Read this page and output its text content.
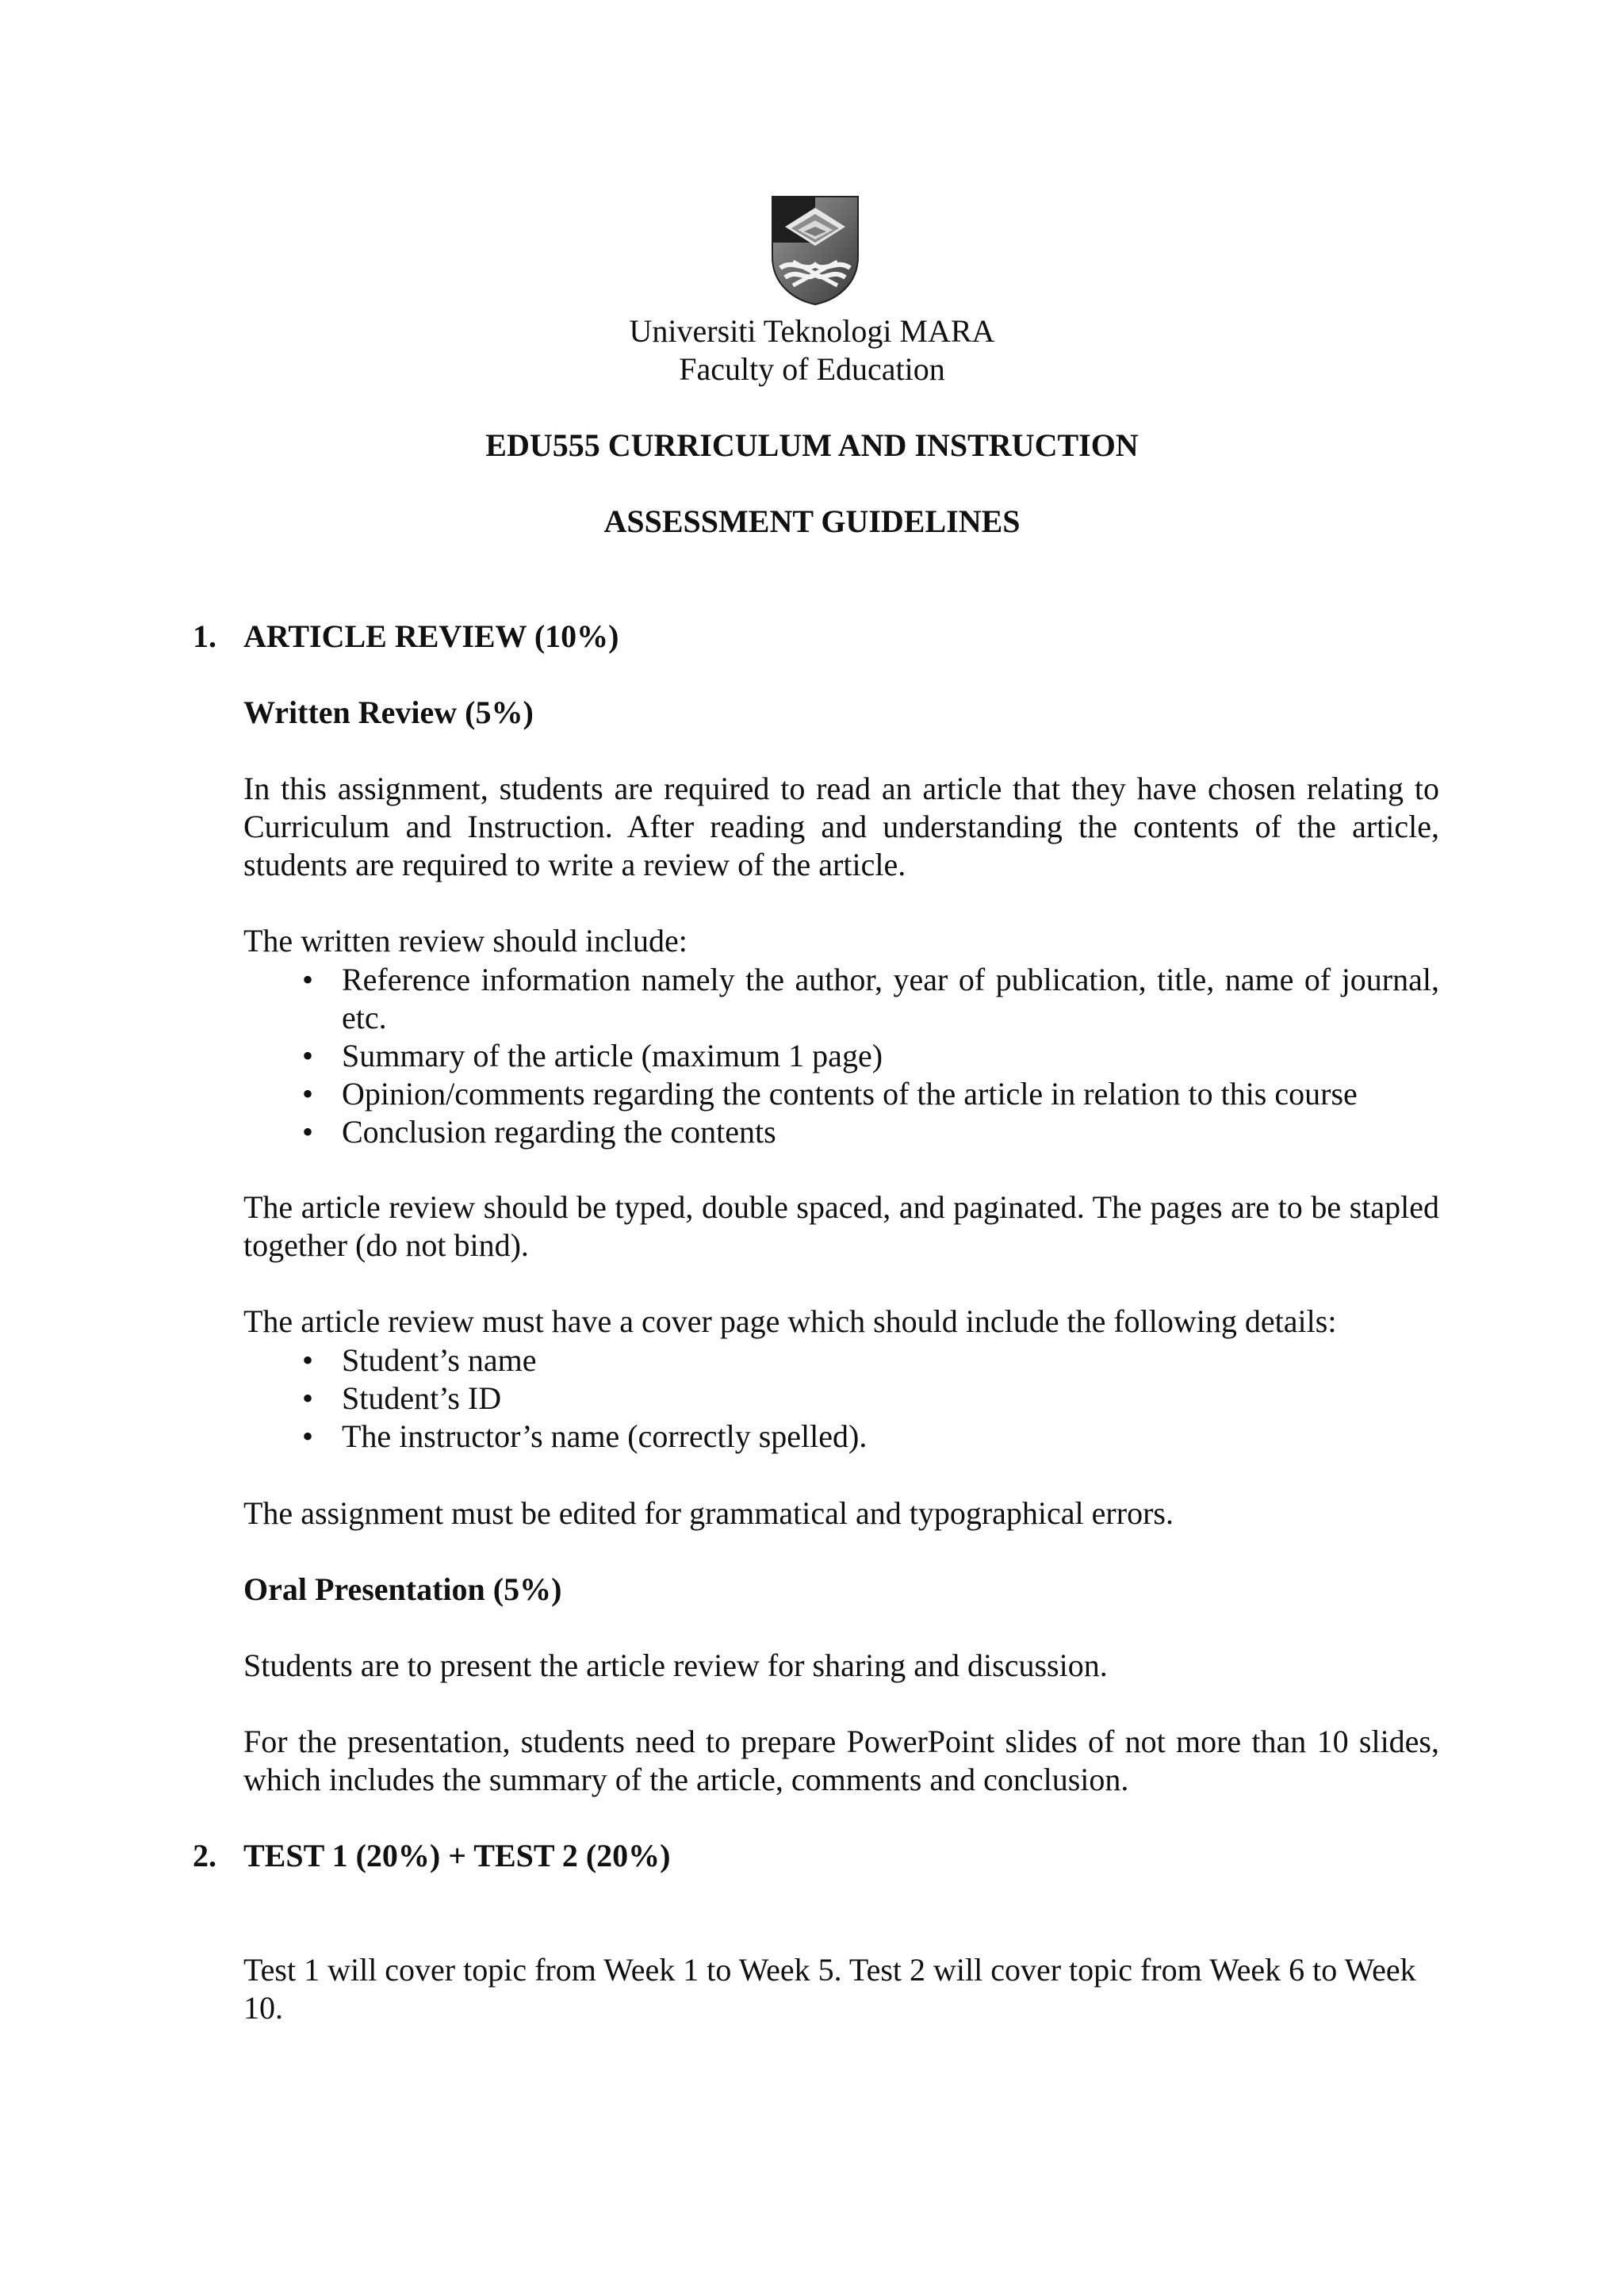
Universiti Teknologi MARA
Faculty of Education
EDU555 CURRICULUM AND INSTRUCTION
ASSESSMENT GUIDELINES
1. ARTICLE REVIEW (10%)
Written Review (5%)

In this assignment, students are required to read an article that they have chosen relating to Curriculum and Instruction. After reading and understanding the contents of the article, students are required to write a review of the article.

The written review should include:

• Reference information namely the author, year of publication, title, name of journal, etc.
• Summary of the article (maximum 1 page)
• Opinion/comments regarding the contents of the article in relation to this course
• Conclusion regarding the contents

The article review should be typed, double spaced, and paginated. The pages are to be stapled together (do not bind).

The article review must have a cover page which should include the following details:

• Student’s name
• Student’s ID
• The instructor’s name (correctly spelled).

The assignment must be edited for grammatical and typographical errors.

Oral Presentation (5%)

Students are to present the article review for sharing and discussion.

For the presentation, students need to prepare PowerPoint slides of not more than 10 slides, which includes the summary of the article, comments and conclusion.

2. TEST 1 (20%) + TEST 2 (20%)

Test 1 will cover topic from Week 1 to Week 5. Test 2 will cover topic from Week 6 to Week 10.
